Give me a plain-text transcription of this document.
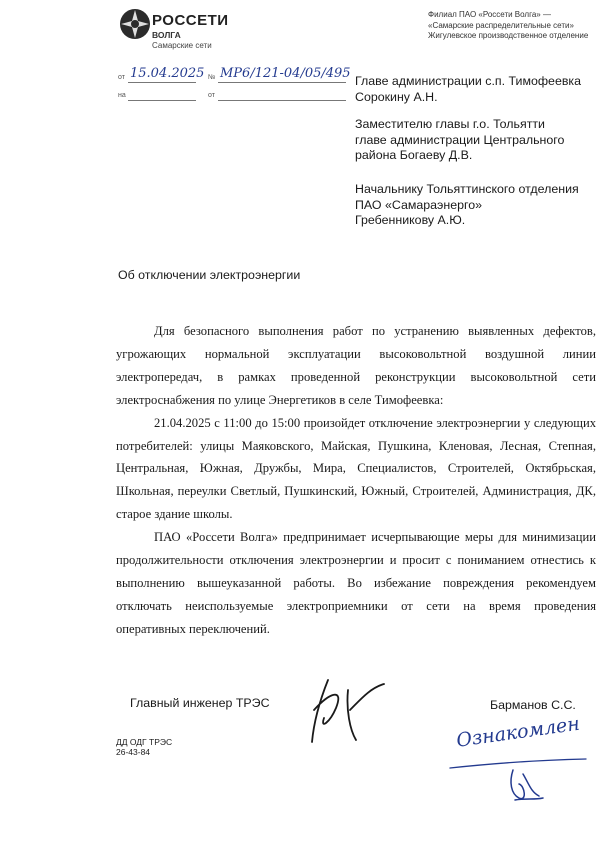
РОССЕТИ
ВОЛГА
Самарские сети
Филиал ПАО «Россети Волга» —
«Самарские распределительные сети»
Жигулевское производственное отделение
от 15.04.2025 № МР6/121-04/05/495
на	от
Главе администрации с.п. Тимофеевка
Сорокину А.Н.
Заместителю главы г.о. Тольятти
главе администрации Центрального
района Богаеву Д.В.
Начальнику Тольяттинского отделения
ПАО «Самараэнерго»
Гребенникову А.Ю.
Об отключении электроэнергии

Для безопасного выполнения работ по устранению выявленных дефектов, угрожающих нормальной эксплуатации высоковольтной воздушной линии электропередач, в рамках проведенной реконструкции высоковольтной сети электроснабжения по улице Энергетиков в селе Тимофеевка:

21.04.2025 с 11:00 до 15:00 произойдет отключение электроэнергии у следующих потребителей: улицы Маяковского, Майская, Пушкина, Кленовая, Лесная, Степная, Центральная, Южная, Дружбы, Мира, Специалистов, Строителей, Октябрьская, Школьная, переулки Светлый, Пушкинский, Южный, Строителей, Администрация, ДК, старое здание школы.

ПАО «Россети Волга» предпринимает исчерпывающие меры для минимизации продолжительности отключения электроэнергии и просит с пониманием отнестись к выполнению вышеуказанной работы. Во избежание повреждения рекомендуем отключать неиспользуемые электроприемники от сети на время проведения оперативных переключений.

Главный инженер ТРЭС	Барманов С.С.
ДД ОДГ ТРЭС
26-43-84
Ознакомлен
